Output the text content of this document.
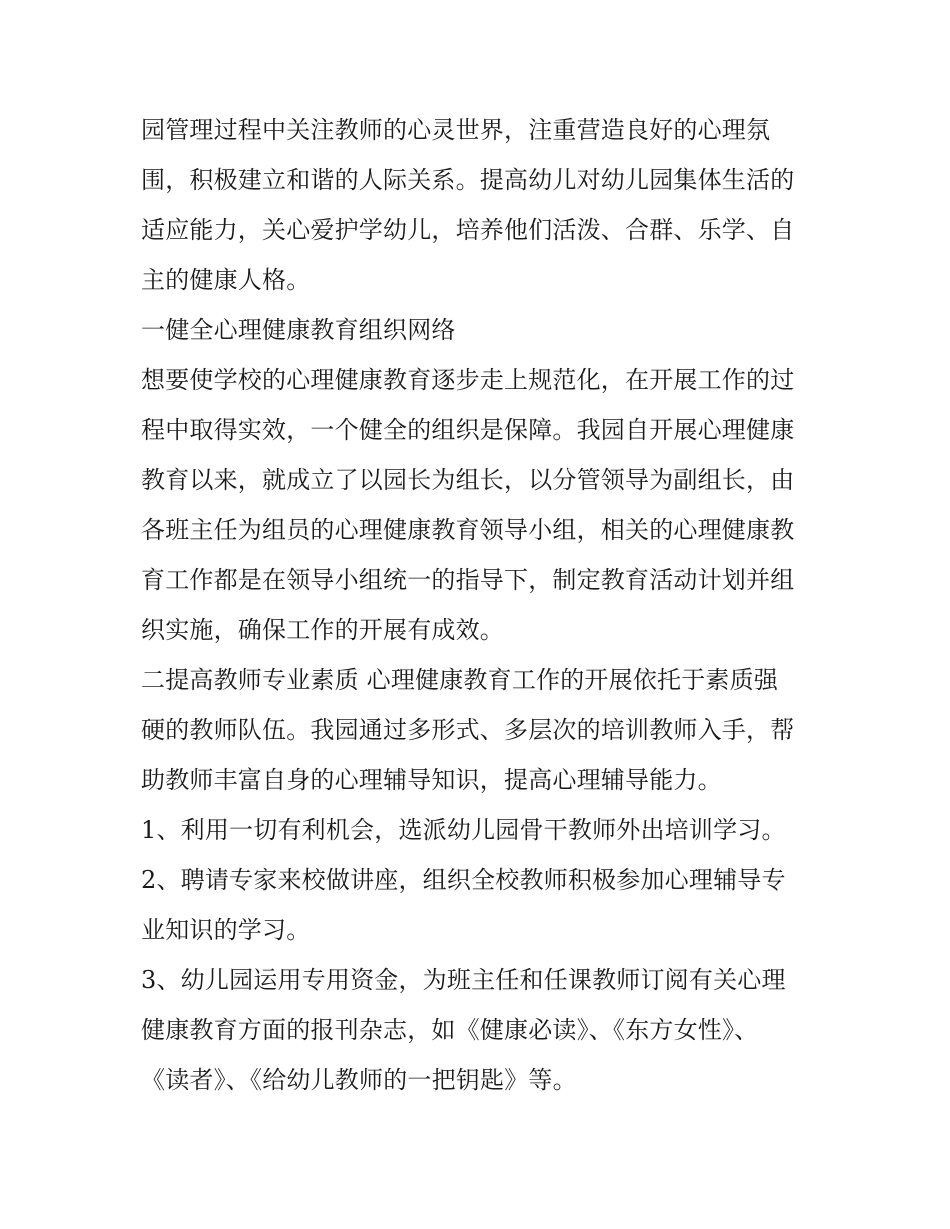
园管理过程中关注教师的心灵世界，注重营造良好的心理氛
围，积极建立和谐的人际关系。提高幼儿对幼儿园集体生活的
适应能力，关心爱护学幼儿，培养他们活泼、合群、乐学、自
主的健康人格。
一健全心理健康教育组织网络
想要使学校的心理健康教育逐步走上规范化，在开展工作的过
程中取得实效，一个健全的组织是保障。我园自开展心理健康
教育以来，就成立了以园长为组长，以分管领导为副组长，由
各班主任为组员的心理健康教育领导小组，相关的心理健康教
育工作都是在领导小组统一的指导下，制定教育活动计划并组
织实施，确保工作的开展有成效。
二提高教师专业素质 心理健康教育工作的开展依托于素质强
硬的教师队伍。我园通过多形式、多层次的培训教师入手，帮
助教师丰富自身的心理辅导知识，提高心理辅导能力。
1、利用一切有利机会，选派幼儿园骨干教师外出培训学习。
2、聘请专家来校做讲座，组织全校教师积极参加心理辅导专
业知识的学习。
3、幼儿园运用专用资金，为班主任和任课教师订阅有关心理
健康教育方面的报刊杂志，如《健康必读》、《东方女性》、
《读者》、《给幼儿教师的一把钥匙》等。
